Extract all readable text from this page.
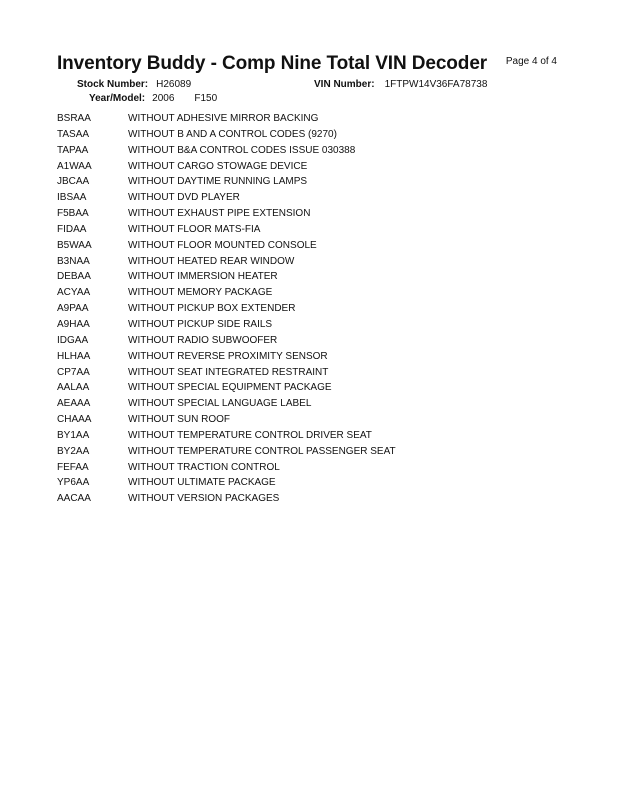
Inventory Buddy - Comp Nine Total VIN Decoder Page 4 of 4
Stock Number: H26089	VIN Number: 1FTPW14V36FA78738
Year/Model: 2006 F150
BSRAA	WITHOUT ADHESIVE MIRROR BACKING
TASAA	WITHOUT B AND A CONTROL CODES (9270)
TAPAA	WITHOUT B&A CONTROL CODES ISSUE 030388
A1WAA	WITHOUT CARGO STOWAGE DEVICE
JBCAA	WITHOUT DAYTIME RUNNING LAMPS
IBSAA	WITHOUT DVD PLAYER
F5BAA	WITHOUT EXHAUST PIPE EXTENSION
FIDAA	WITHOUT FLOOR MATS-FIA
B5WAA	WITHOUT FLOOR MOUNTED CONSOLE
B3NAA	WITHOUT HEATED REAR WINDOW
DEBAA	WITHOUT IMMERSION HEATER
ACYAA	WITHOUT MEMORY PACKAGE
A9PAA	WITHOUT PICKUP BOX EXTENDER
A9HAA	WITHOUT PICKUP SIDE RAILS
IDGAA	WITHOUT RADIO SUBWOOFER
HLHAA	WITHOUT REVERSE PROXIMITY SENSOR
CP7AA	WITHOUT SEAT INTEGRATED RESTRAINT
AALAA	WITHOUT SPECIAL EQUIPMENT PACKAGE
AEAAA	WITHOUT SPECIAL LANGUAGE LABEL
CHAAA	WITHOUT SUN ROOF
BY1AA	WITHOUT TEMPERATURE CONTROL DRIVER SEAT
BY2AA	WITHOUT TEMPERATURE CONTROL PASSENGER SEAT
FEFAA	WITHOUT TRACTION CONTROL
YP6AA	WITHOUT ULTIMATE PACKAGE
AACAA	WITHOUT VERSION PACKAGES
